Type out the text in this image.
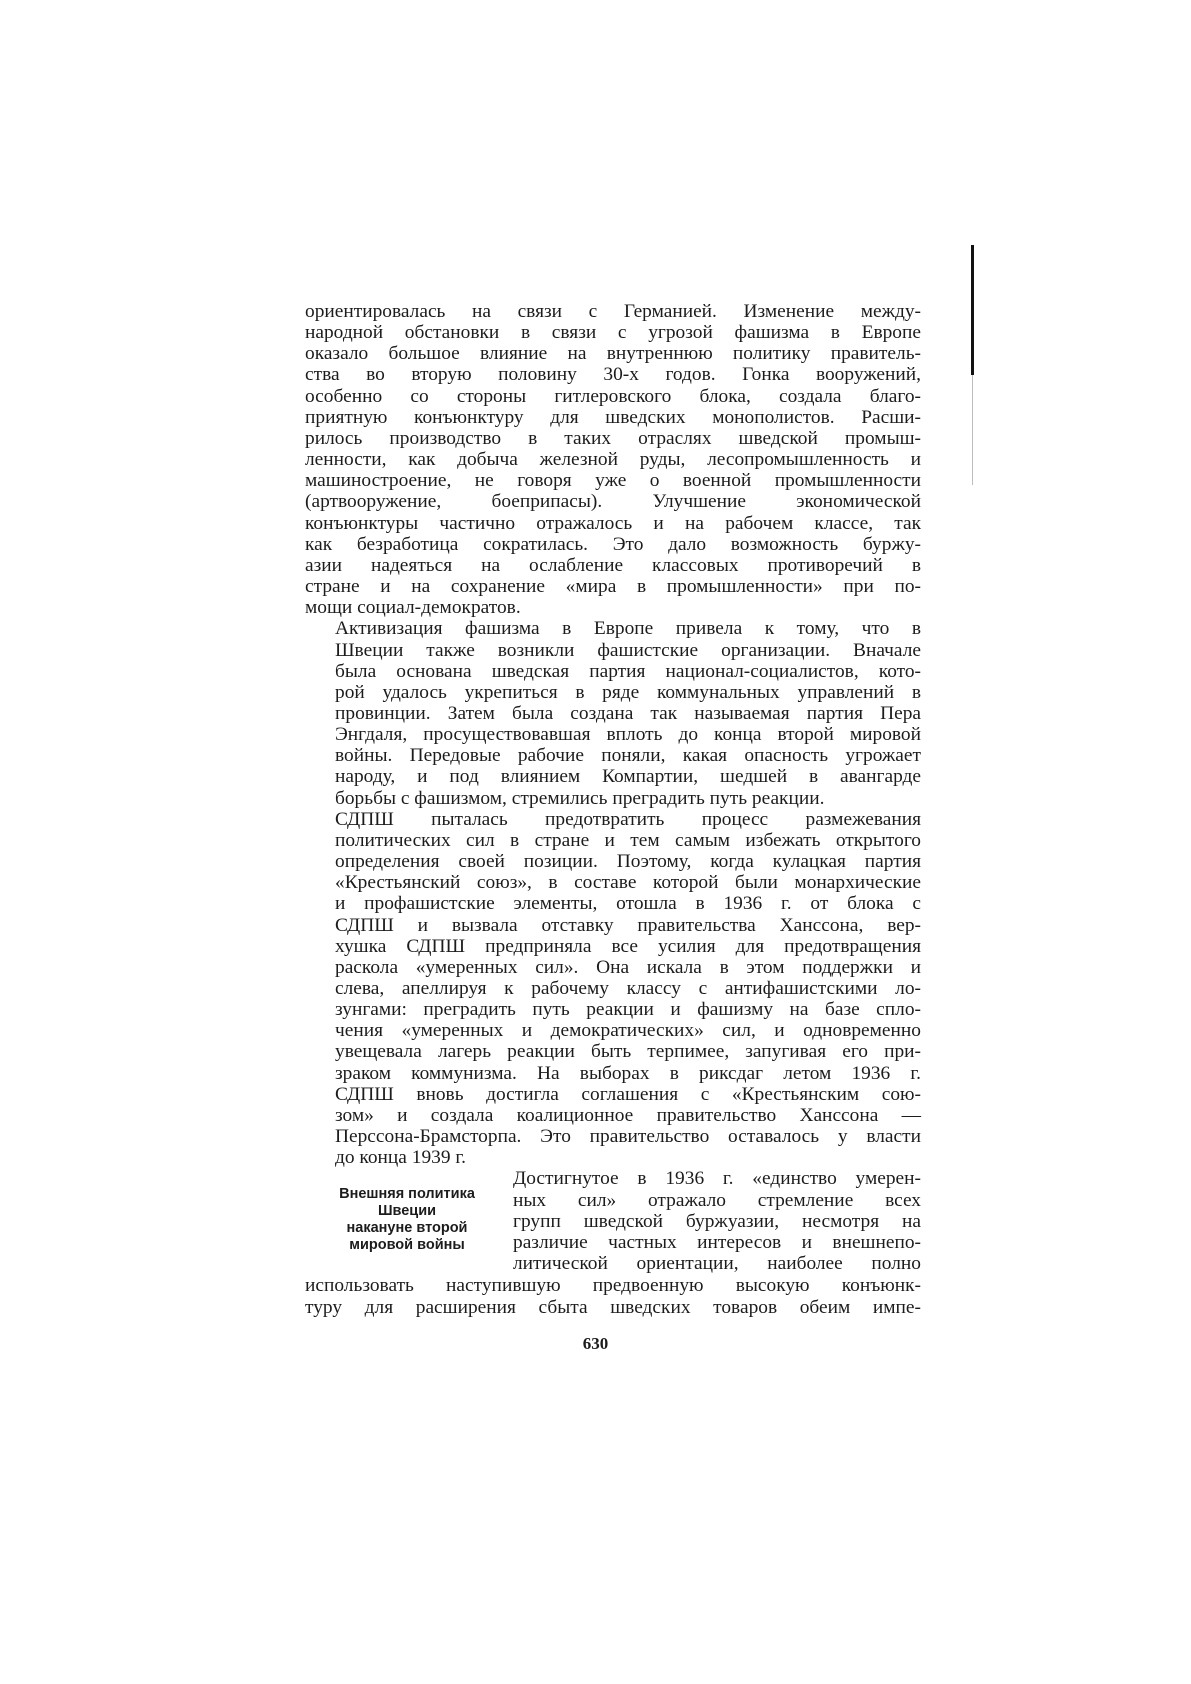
ориентировалась на связи с Германией. Изменение между-
народной обстановки в связи с угрозой фашизма в Европе
оказало большое влияние на внутреннюю политику правитель-
ства во вторую половину 30-х годов. Гонка вооружений,
особенно со стороны гитлеровского блока, создала благо-
приятную конъюнктуру для шведских монополистов. Расши-
рилось производство в таких отраслях шведской промыш-
ленности, как добыча железной руды, лесопромышленность и
машиностроение, не говоря уже о военной промышленности
(артвооружение, боеприпасы). Улучшение экономической
конъюнктуры частично отражалось и на рабочем классе, так
как безработица сократилась. Это дало возможность буржу-
азии надеяться на ослабление классовых противоречий в
стране и на сохранение «мира в промышленности» при по-
мощи социал-демократов.

Активизация фашизма в Европе привела к тому, что в
Швеции также возникли фашистские организации. Вначале
была основана шведская партия национал-социалистов, кото-
рой удалось укрепиться в ряде коммунальных управлений в
провинции. Затем была создана так называемая партия Пера
Энгдаля, просуществовавшая вплоть до конца второй мировой
войны. Передовые рабочие поняли, какая опасность угрожает
народу, и под влиянием Компартии, шедшей в авангарде
борьбы с фашизмом, стремились преградить путь реакции.

СДПШ пыталась предотвратить процесс размежевания
политических сил в стране и тем самым избежать открытого
определения своей позиции. Поэтому, когда кулацкая партия
«Крестьянский союз», в составе которой были монархические
и профашистские элементы, отошла в 1936 г. от блока с
СДПШ и вызвала отставку правительства Ханссона, вер-
хушка СДПШ предприняла все усилия для предотвращения
раскола «умеренных сил». Она искала в этом поддержки и
слева, апеллируя к рабочему классу с антифашистскими ло-
зунгами: преградить путь реакции и фашизму на базе спло-
чения «умеренных и демократических» сил, и одновременно
увещевала лагерь реакции быть терпимее, запугивая его при-
зраком коммунизма. На выборах в риксдаг летом 1936 г.
СДПШ вновь достигла соглашения с «Крестьянским сою-
зом» и создала коалиционное правительство Ханссона —
Перссона-Брамсторпа. Это правительство оставалось у власти
до конца 1939 г.

Внешняя политика
Швеции
накануне второй
мировой войны
Достигнутое в 1936 г. «единство умерен-
ных сил» отражало стремление всех
групп шведской буржуазии, несмотря на
различие частных интересов и внешнепо-
литической ориентации, наиболее полно

использовать наступившую предвоенную высокую конъюнк-
туру для расширения сбыта шведских товаров обеим импе-

630
